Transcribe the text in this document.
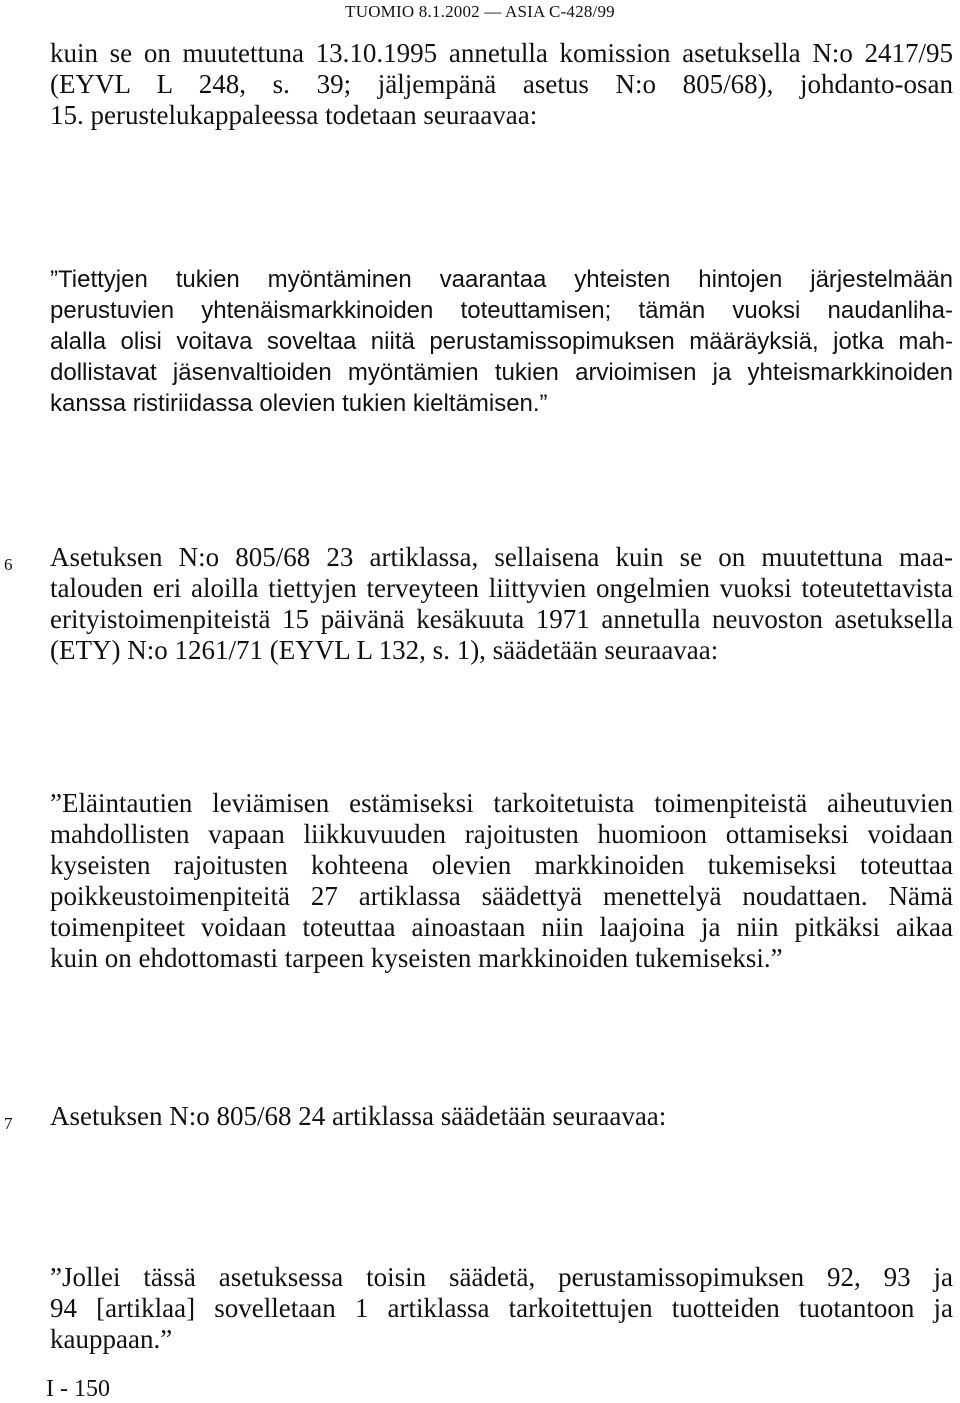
TUOMIO 8.1.2002 — ASIA C-428/99
kuin se on muutettuna 13.10.1995 annetulla komission asetuksella N:o 2417/95
(EYVL L 248, s. 39; jäljempänä asetus N:o 805/68), johdanto-osan
15. perustelukappaleessa todetaan seuraavaa:
”Tiettyjen tukien myöntäminen vaarantaa yhteisten hintojen järjestelmään
perustuvien yhtenäismarkkinoiden toteuttamisen; tämän vuoksi naudanliha-
alalla olisi voitava soveltaa niitä perustamissopimuksen määräyksiä, jotka mah-
dollistavat jäsenvaltioiden myöntämien tukien arvioimisen ja yhteismarkkinoiden
kanssa ristiriidassa olevien tukien kieltämisen.”
6 Asetuksen N:o 805/68 23 artiklassa, sellaisena kuin se on muutettuna maa-
talouden eri aloilla tiettyjen terveyteen liittyvien ongelmien vuoksi toteutettavista
erityistoimenpiteistä 15 päivänä kesäkuuta 1971 annetulla neuvoston asetuksella
(ETY) N:o 1261/71 (EYVL L 132, s. 1), säädetään seuraavaa:
”Eläintautien leviämisen estämiseksi tarkoitetuista toimenpiteistä aiheutuvien
mahdollisten vapaan liikkuvuuden rajoitusten huomioon ottamiseksi voidaan
kyseisten rajoitusten kohteena olevien markkinoiden tukemiseksi toteuttaa
poikkeustoimenpiteitä 27 artiklassa säädettyä menettelyä noudattaen. Nämä
toimenpiteet voidaan toteuttaa ainoastaan niin laajoina ja niin pitkäksi aikaa
kuin on ehdottomasti tarpeen kyseisten markkinoiden tukemiseksi.”
7 Asetuksen N:o 805/68 24 artiklassa säädetään seuraavaa:
”Jollei tässä asetuksessa toisin säädetä, perustamissopimuksen 92, 93 ja
94 [artiklaa] sovelletaan 1 artiklassa tarkoitettujen tuotteiden tuotantoon ja
kauppaan.”
I - 150
